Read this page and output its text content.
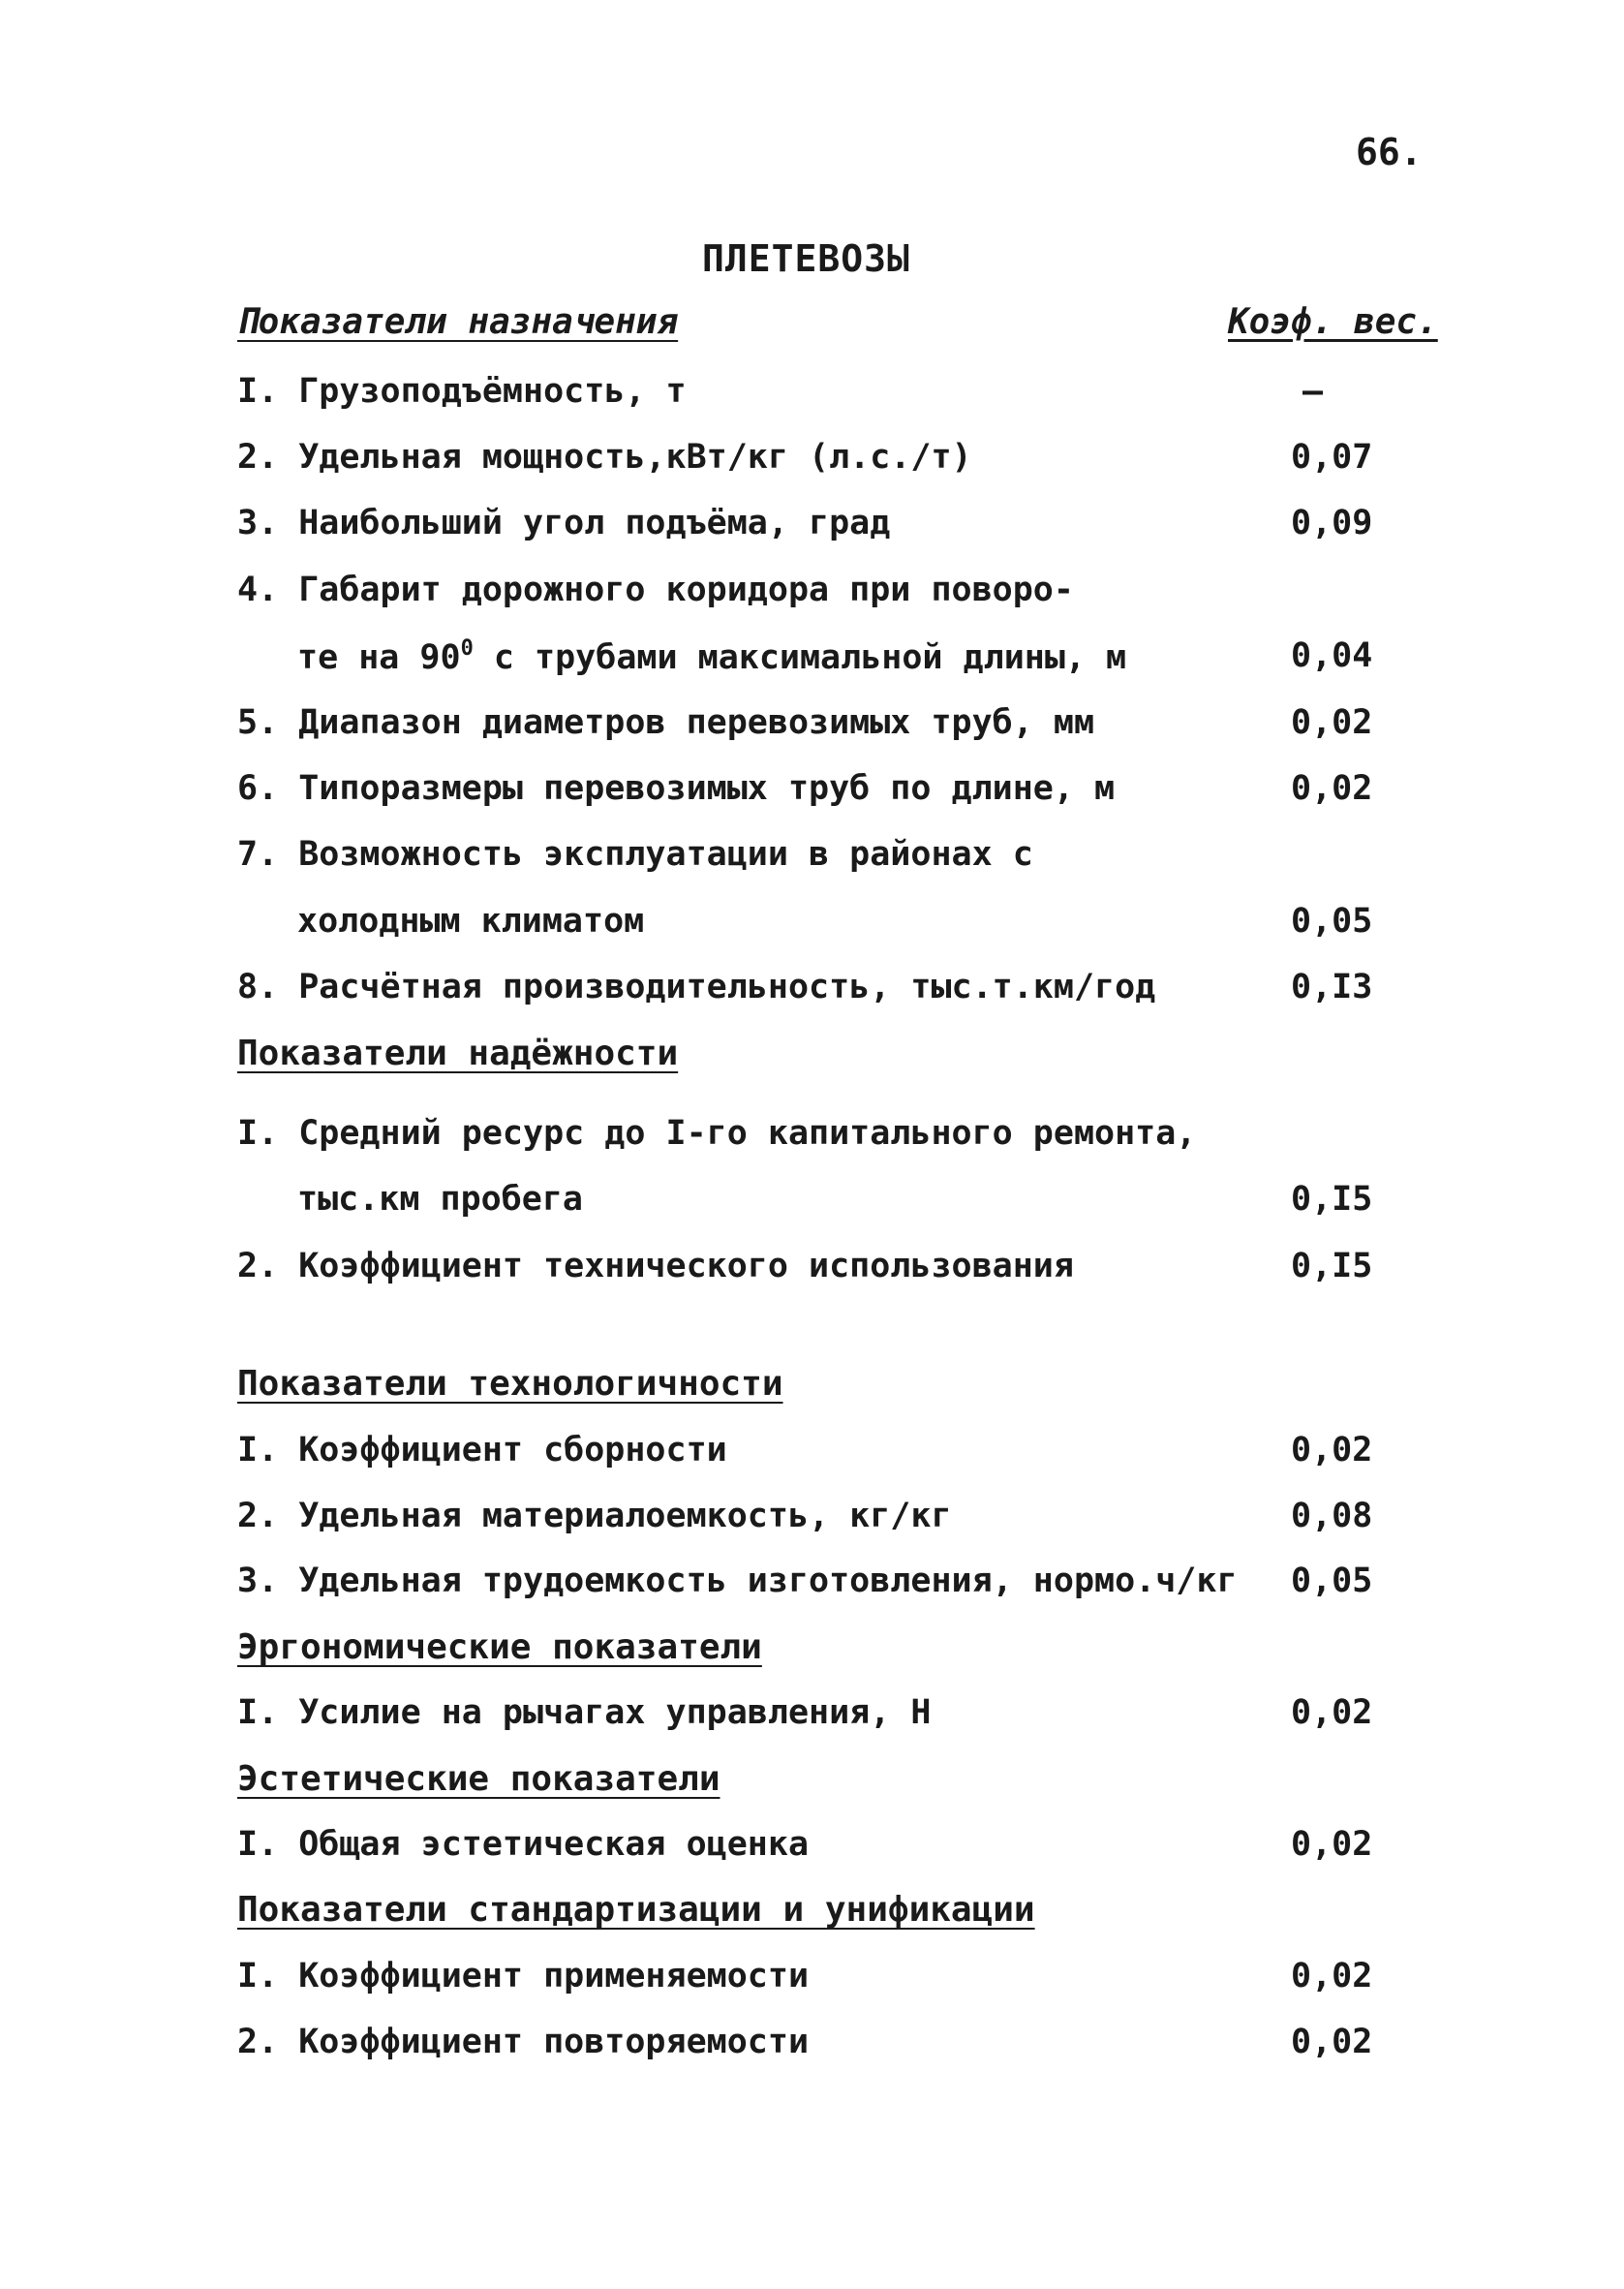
66.
ПЛЕТЕВОЗЫ
Показатели назначения	Коэф. вес.
I. Грузоподъёмность, т	–
2. Удельная мощность,кВт/кг (л.с./т)	0,07
3. Наибольший угол подъёма, град	0,09
4. Габарит дорожного коридора при поворо-
те на $90^0$ с трубами максимальной длины, м	0,04
5. Диапазон диаметров перевозимых труб, мм	0,02
6. Типоразмеры перевозимых труб по длине, м	0,02
7. Возможность эксплуатации в районах с
холодным климатом	0,05
8. Расчётная производительность, тыс.т.км/год	0,I3
Показатели надёжности
I. Средний ресурс до I-го капитального ремонта,
тыс.км пробега	0,I5
2. Коэффициент технического использования	0,I5
Показатели технологичности
I. Коэффициент сборности	0,02
2. Удельная материалоемкость, кг/кг	0,08
3. Удельная трудоемкость изготовления, нормо.ч/кг 0,05
Эргономические показатели
I. Усилие на рычагах управления, Н	0,02
Эстетические показатели
I. Общая эстетическая оценка	0,02
Показатели стандартизации и унификации
I. Коэффициент применяемости	0,02
2. Коэффициент повторяемости	0,02
